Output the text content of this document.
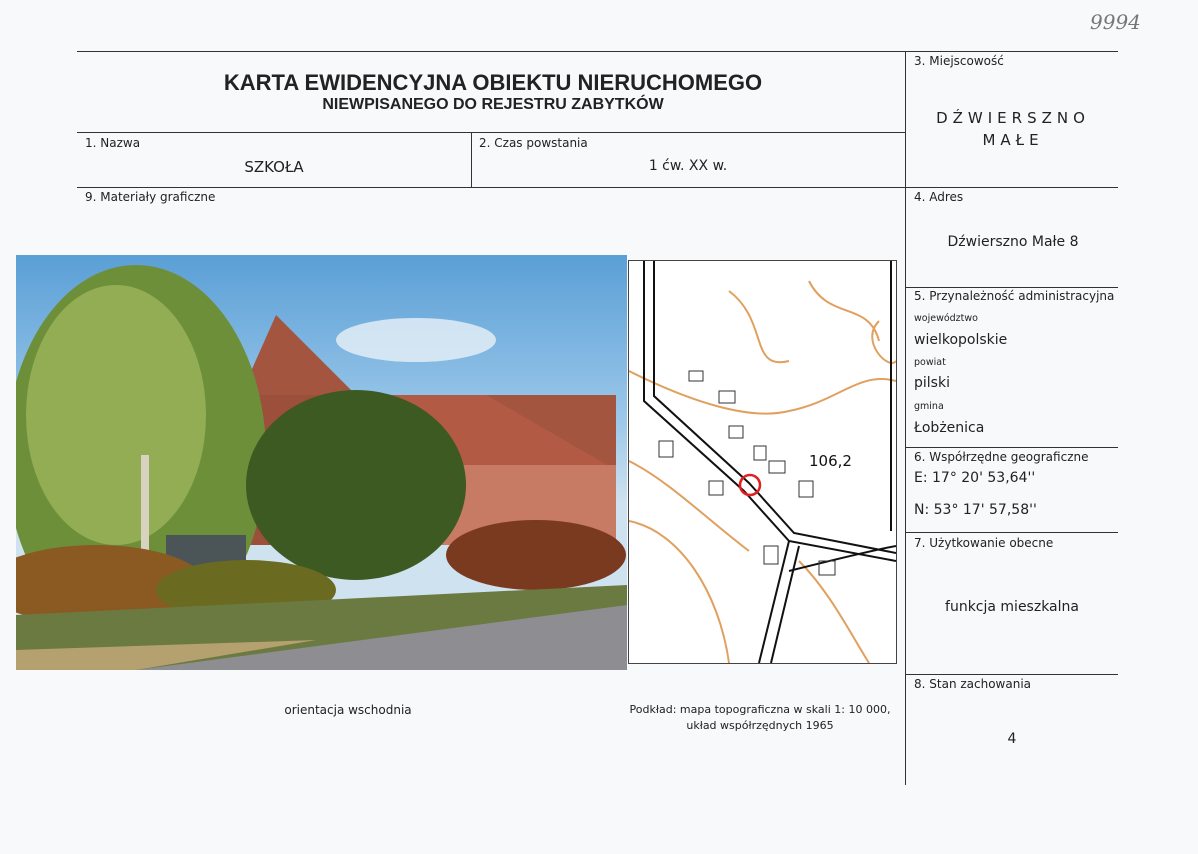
9994
KARTA EWIDENCYJNA OBIEKTU NIERUCHOMEGO
NIEWPISANEGO DO REJESTRU ZABYTKÓW
1. Nazwa
SZKOŁA
2. Czas powstania
1 ćw. XX w.
9. Materiały graficzne
3. Miejscowość
DŹWIERSZNO
MAŁE
4. Adres
Dźwierszno Małe 8
5. Przynależność administracyjna
województwo
wielkopolskie
powiat
pilski
gmina
Łobżenica
6. Współrzędne geograficzne
E: 17° 20' 53,64''
N: 53° 17' 57,58''
7. Użytkowanie obecne
funkcja mieszkalna
8. Stan zachowania
4
106,2
orientacja wschodnia	Podkład: mapa topograficzna w skali 1: 10 000,
układ współrzędnych 1965
